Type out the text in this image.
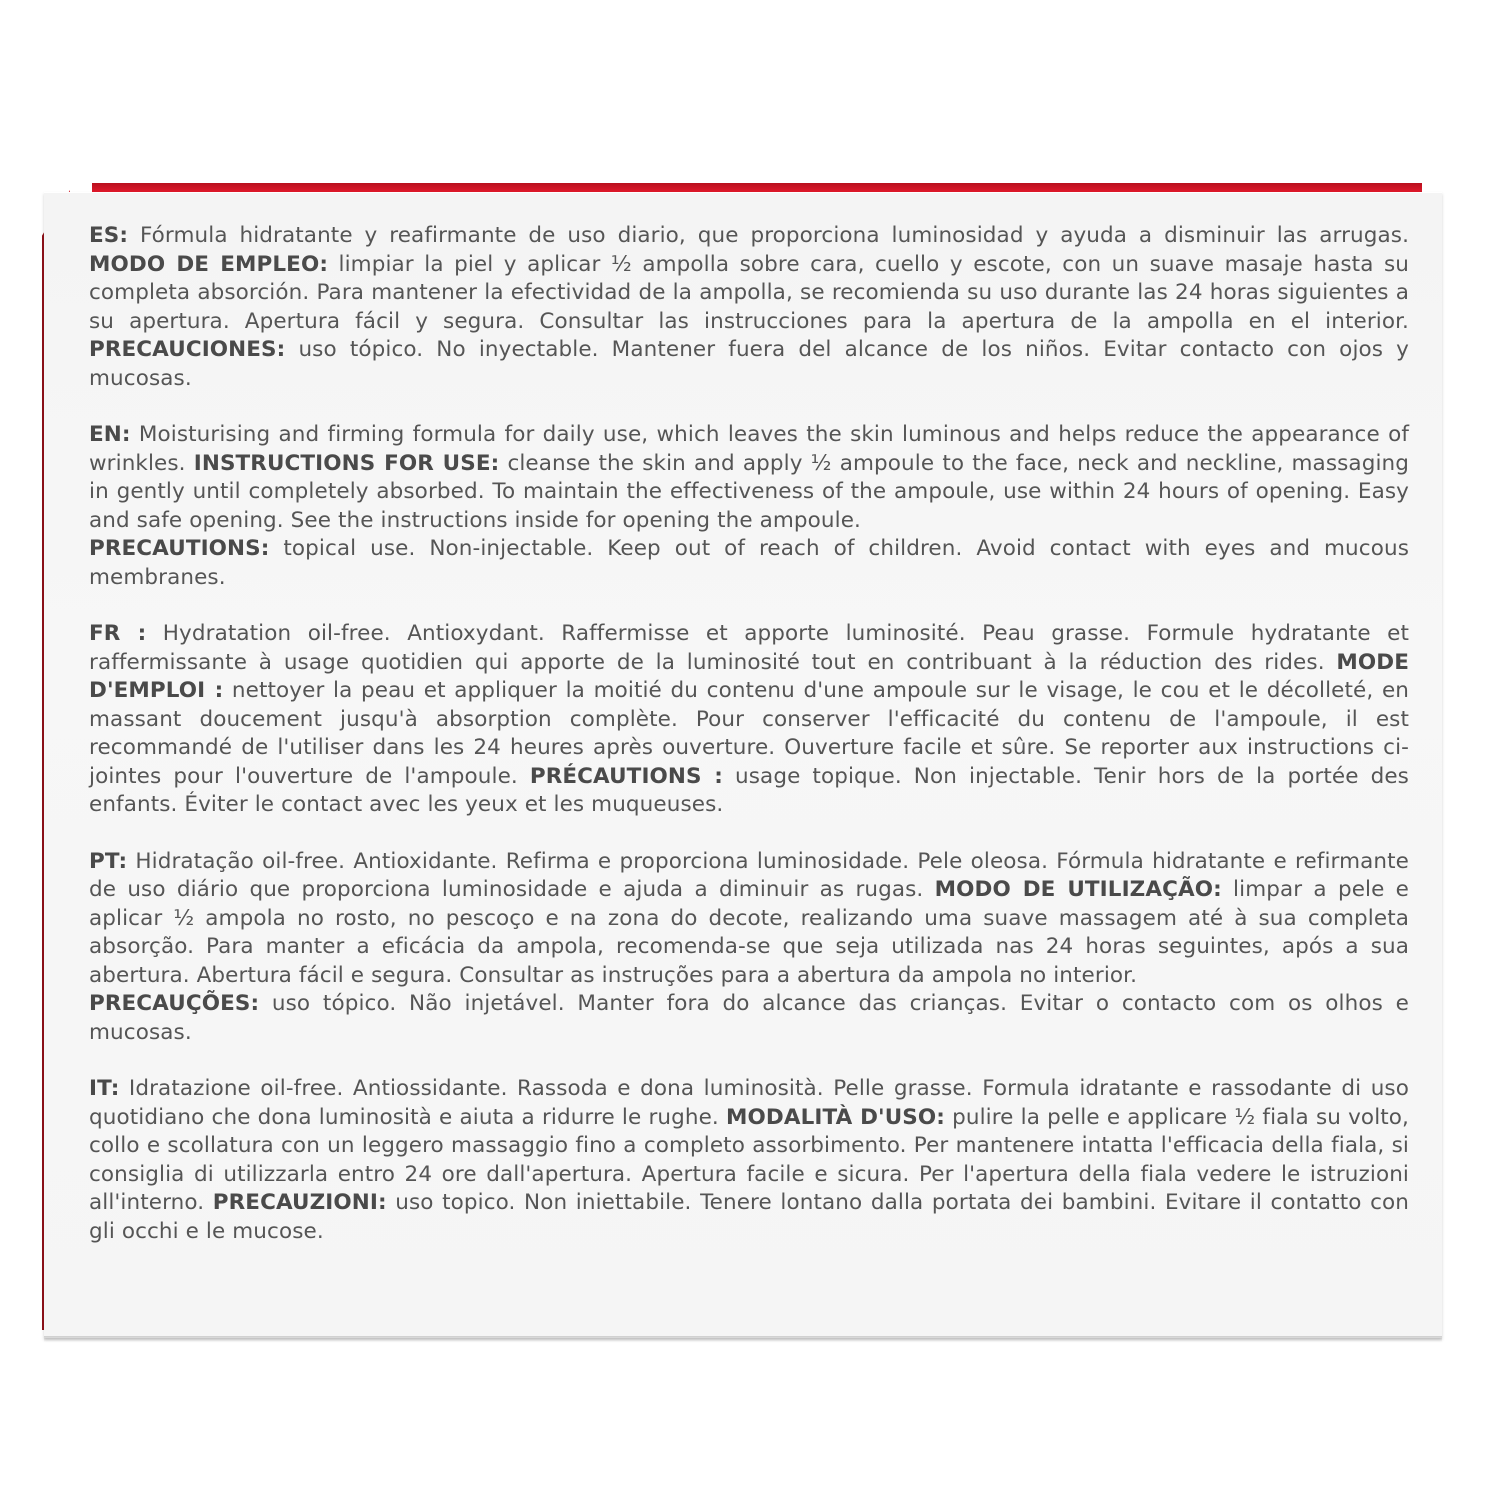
ES: Fórmula hidratante y reafirmante de uso diario, que proporciona luminosidad y ayuda a disminuir las arrugas. MODO DE EMPLEO: limpiar la piel y aplicar ½ ampolla sobre cara, cuello y escote, con un suave masaje hasta su completa absorción. Para mantener la efectividad de la ampolla, se recomienda su uso durante las 24 horas siguientes a su apertura. Apertura fácil y segura. Consultar las instrucciones para la apertura de la ampolla en el interior. PRECAUCIONES: uso tópico. No inyectable. Mantener fuera del alcance de los niños. Evitar contacto con ojos y mucosas.

EN: Moisturising and firming formula for daily use, which leaves the skin luminous and helps reduce the appearance of wrinkles. INSTRUCTIONS FOR USE: cleanse the skin and apply ½ ampoule to the face, neck and neckline, massaging in gently until completely absorbed. To maintain the effectiveness of the ampoule, use within 24 hours of opening. Easy and safe opening. See the instructions inside for opening the ampoule.
PRECAUTIONS: topical use. Non-injectable. Keep out of reach of children. Avoid contact with eyes and mucous membranes.

FR : Hydratation oil-free. Antioxydant. Raffermisse et apporte luminosité. Peau grasse. Formule hydratante et raffermissante à usage quotidien qui apporte de la luminosité tout en contribuant à la réduction des rides. MODE D'EMPLOI : nettoyer la peau et appliquer la moitié du contenu d'une ampoule sur le visage, le cou et le décolleté, en massant doucement jusqu'à absorption complète. Pour conserver l'efficacité du contenu de l'ampoule, il est recommandé de l'utiliser dans les 24 heures après ouverture. Ouverture facile et sûre. Se reporter aux instructions ci-jointes pour l'ouverture de l'ampoule. PRÉCAUTIONS : usage topique. Non injectable. Tenir hors de la portée des enfants. Éviter le contact avec les yeux et les muqueuses.

PT: Hidratação oil-free. Antioxidante. Refirma e proporciona luminosidade. Pele oleosa. Fórmula hidratante e refirmante de uso diário que proporciona luminosidade e ajuda a diminuir as rugas. MODO DE UTILIZAÇÃO: limpar a pele e aplicar ½ ampola no rosto, no pescoço e na zona do decote, realizando uma suave massagem até à sua completa absorção. Para manter a eficácia da ampola, recomenda-se que seja utilizada nas 24 horas seguintes, após a sua abertura. Abertura fácil e segura. Consultar as instruções para a abertura da ampola no interior.
PRECAUÇÕES: uso tópico. Não injetável. Manter fora do alcance das crianças. Evitar o contacto com os olhos e mucosas.

IT: Idratazione oil-free. Antiossidante. Rassoda e dona luminosità. Pelle grasse. Formula idratante e rassodante di uso quotidiano che dona luminosità e aiuta a ridurre le rughe. MODALITÀ D'USO: pulire la pelle e applicare ½ fiala su volto, collo e scollatura con un leggero massaggio fino a completo assorbimento. Per mantenere intatta l'efficacia della fiala, si consiglia di utilizzarla entro 24 ore dall'apertura. Apertura facile e sicura. Per l'apertura della fiala vedere le istruzioni all'interno. PRECAUZIONI: uso topico. Non iniettabile. Tenere lontano dalla portata dei bambini. Evitare il contatto con gli occhi e le mucose.
